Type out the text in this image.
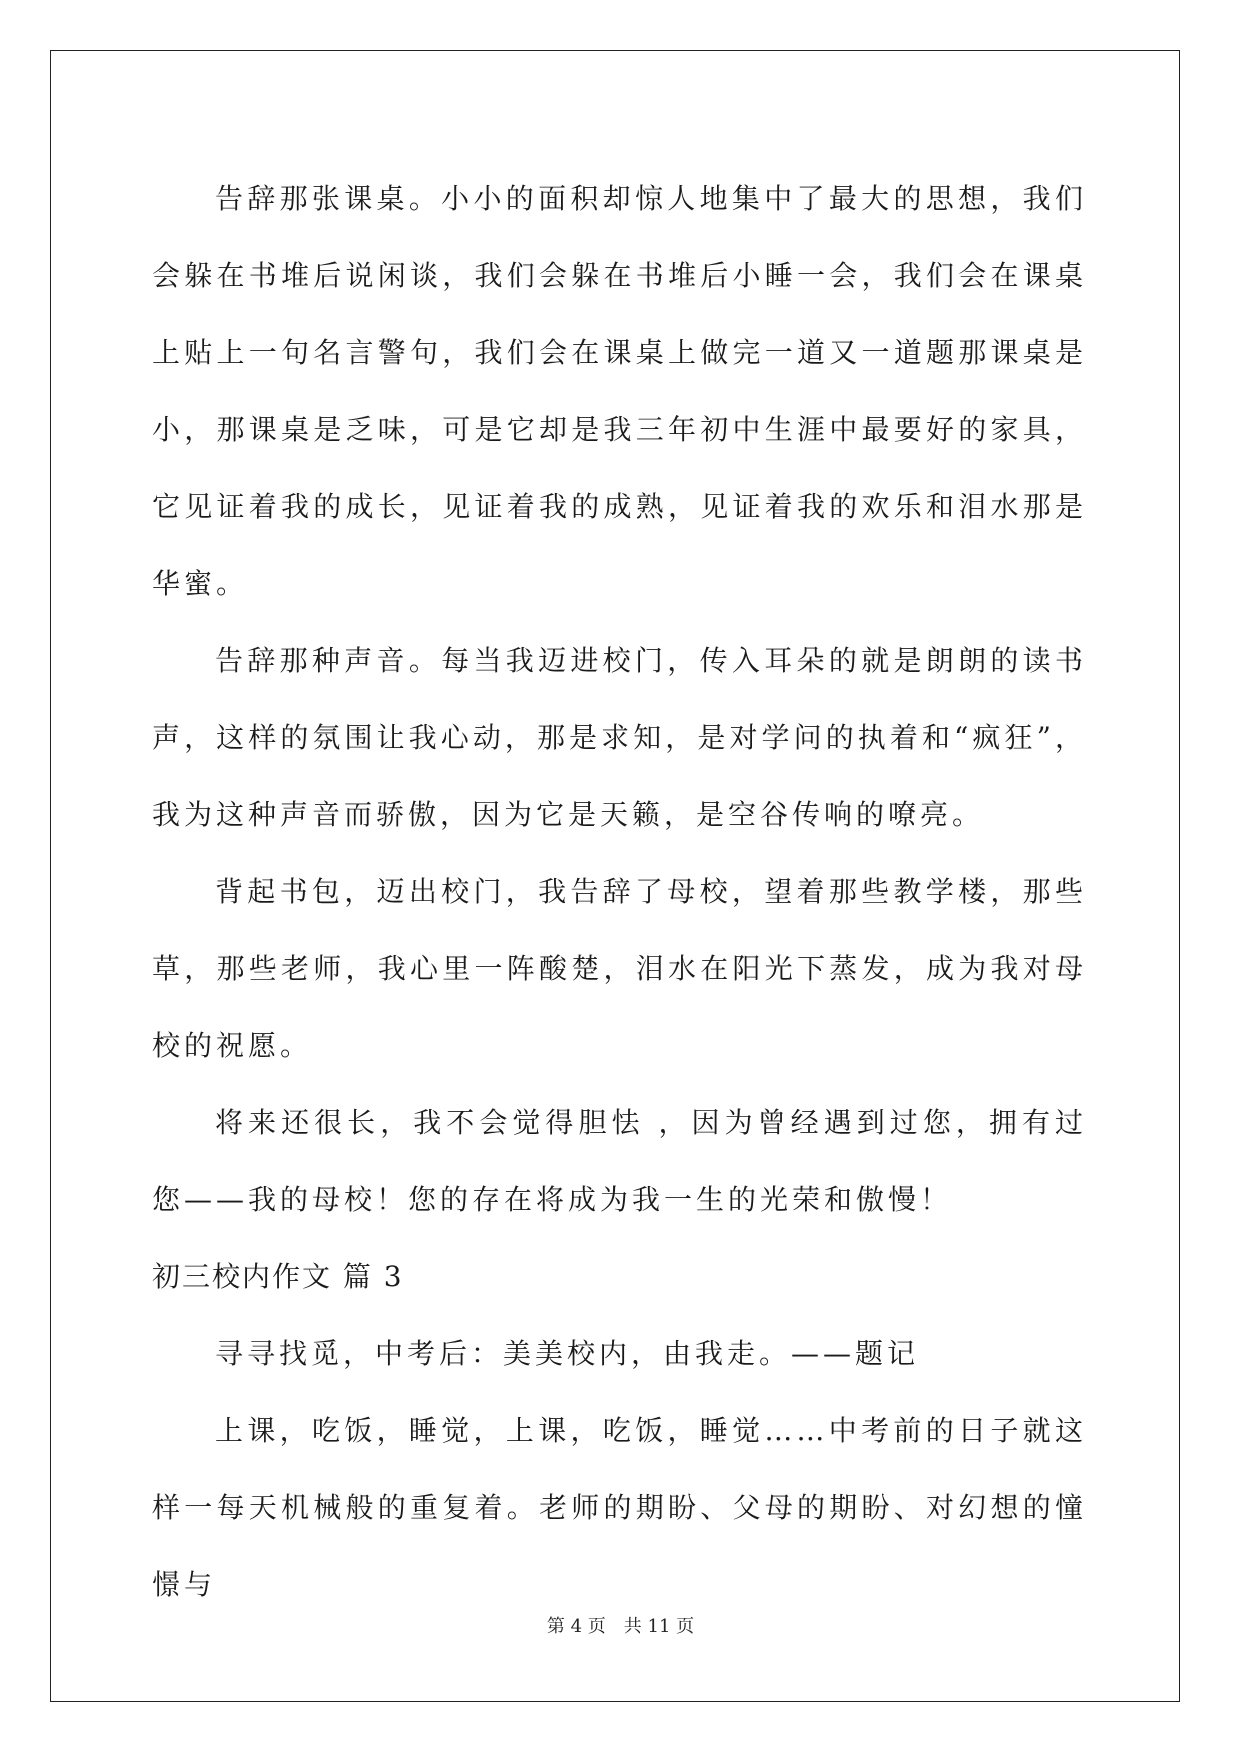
告辞那张课桌。小小的面积却惊人地集中了最大的思想，我们会躲在书堆后说闲谈，我们会躲在书堆后小睡一会，我们会在课桌上贴上一句名言警句，我们会在课桌上做完一道又一道题那课桌是小，那课桌是乏味，可是它却是我三年初中生涯中最要好的家具，它见证着我的成长，见证着我的成熟，见证着我的欢乐和泪水那是华蜜。

告辞那种声音。每当我迈进校门，传入耳朵的就是朗朗的读书声，这样的氛围让我心动，那是求知，是对学问的执着和“疯狂”，我为这种声音而骄傲，因为它是天籁，是空谷传响的嘹亮。

背起书包，迈出校门，我告辞了母校，望着那些教学楼，那些草，那些老师，我心里一阵酸楚，泪水在阳光下蒸发，成为我对母校的祝愿。

将来还很长，我不会觉得胆怯 ，因为曾经遇到过您，拥有过您——我的母校！您的存在将成为我一生的光荣和傲慢！

初三校内作文 篇 3

寻寻找觅，中考后：美美校内，由我走。——题记

上课，吃饭，睡觉，上课，吃饭，睡觉……中考前的日子就这样一每天机械般的重复着。老师的期盼、父母的期盼、对幻想的憧憬与

第 4 页 共 11 页
